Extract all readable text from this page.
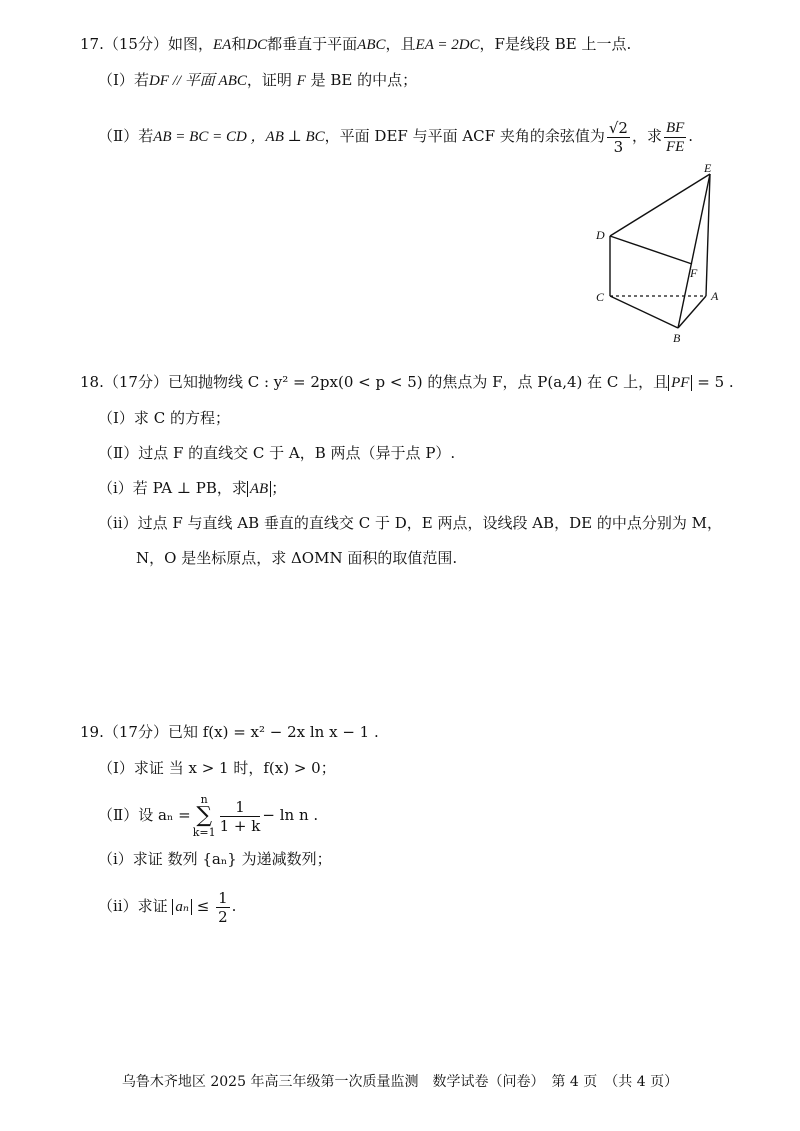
17.（15分）如图，EA和DC都垂直于平面ABC，且EA = 2DC，F是线段 BE 上一点.
（Ⅰ）若DF // 平面 ABC，证明 F 是 BE 的中点；
（Ⅱ）若AB = BC = CD ，AB ⊥ BC，平面 DEF 与平面 ACF 夹角的余弦值为 $\frac{√2}{3}$ ，求 $\frac{BF}{FE}$ .
E
D
F
C	A
B
18.（17分）已知抛物线 C : y² = 2px(0 < p < 5) 的焦点为 F，点 P(a,4) 在 C 上，且 PF = 5 .
（Ⅰ）求 C 的方程；
（Ⅱ）过点 F 的直线交 C 于 A，B 两点（异于点 P）.
（ⅰ）若 PA ⊥ PB，求 AB ；
（ⅱ）过点 F 与直线 AB 垂直的直线交 C 于 D，E 两点，设线段 AB，DE 的中点分别为 M，
N，O 是坐标原点，求 ΔOMN 面积的取值范围.
19.（17分）已知 f(x) = x² − 2x ln x − 1 .
（Ⅰ）求证 当 x > 1 时，f(x) > 0；
（Ⅱ）设 aₙ =n
∑
$k=1 \frac{1}{1 + k} - \ln n$ .
（ⅰ）求证 数列 {aₙ} 为递减数列；
（ⅱ）求证 $a_n \le \frac{1}{2}$ .
乌鲁木齐地区 2025 年高三年级第一次质量监测　数学试卷（问卷）　第 4 页　（共 4 页）
